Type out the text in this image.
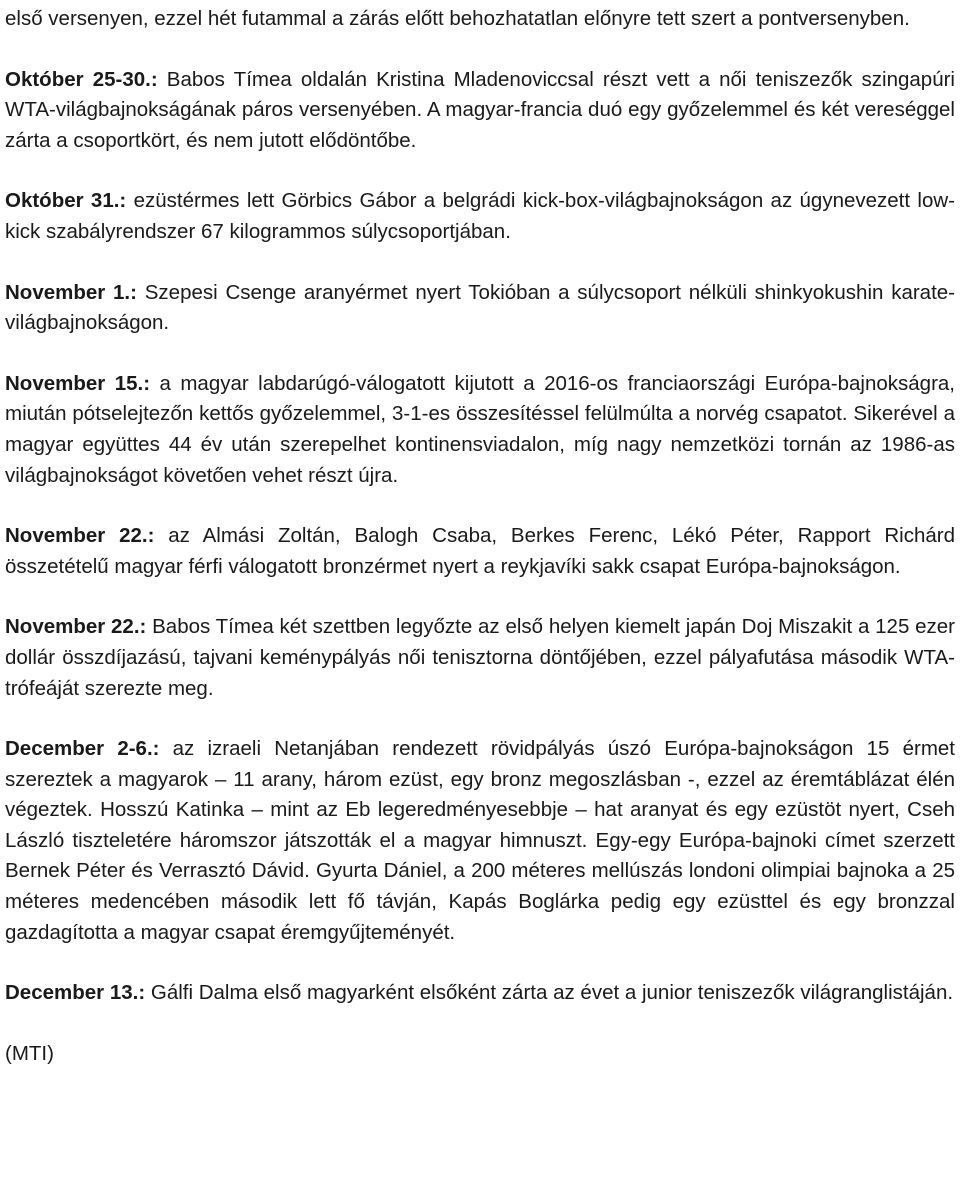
első versenyen, ezzel hét futammal a zárás előtt behozhatatlan előnyre tett szert a pontversenyben.

Október 25-30.: Babos Tímea oldalán Kristina Mladenoviccsal részt vett a női teniszezők szingapúri WTA-világbajnokságának páros versenyében. A magyar-francia duó egy győzelemmel és két vereséggel zárta a csoportkört, és nem jutott elődöntőbe.

Október 31.: ezüstérmes lett Görbics Gábor a belgrádi kick-box-világbajnokságon az úgynevezett low-kick szabályrendszer 67 kilogrammos súlycsoportjában.

November 1.: Szepesi Csenge aranyérmet nyert Tokióban a súlycsoport nélküli shinkyokushin karate-világbajnokságon.

November 15.: a magyar labdarúgó-válogatott kijutott a 2016-os franciaországi Európa-bajnokságra, miután pótselejtezőn kettős győzelemmel, 3-1-es összesítéssel felülmúlta a norvég csapatot. Sikerével a magyar együttes 44 év után szerepelhet kontinensviadalon, míg nagy nemzetközi tornán az 1986-as világbajnokságot követően vehet részt újra.

November 22.: az Almási Zoltán, Balogh Csaba, Berkes Ferenc, Lékó Péter, Rapport Richárd összetételű magyar férfi válogatott bronzérmet nyert a reykjavíki sakk csapat Európa-bajnokságon.

November 22.: Babos Tímea két szettben legyőzte az első helyen kiemelt japán Doj Miszakit a 125 ezer dollár összdíjazású, tajvani keménypályás női tenisztorna döntőjében, ezzel pályafutása második WTA-trófeáját szerezte meg.

December 2-6.: az izraeli Netanjában rendezett rövidpályás úszó Európa-bajnokságon 15 érmet szereztek a magyarok – 11 arany, három ezüst, egy bronz megoszlásban -, ezzel az éremtáblázat élén végeztek. Hosszú Katinka – mint az Eb legeredményesebbje – hat aranyat és egy ezüstöt nyert, Cseh László tiszteletére háromszor játszották el a magyar himnuszt. Egy-egy Európa-bajnoki címet szerzett Bernek Péter és Verrasztó Dávid. Gyurta Dániel, a 200 méteres mellúszás londoni olimpiai bajnoka a 25 méteres medencében második lett fő távján, Kapás Boglárka pedig egy ezüsttel és egy bronzzal gazdagította a magyar csapat éremgyűjteményét.

December 13.: Gálfi Dalma első magyarként elsőként zárta az évet a junior teniszezők világranglistáján.

(MTI)
